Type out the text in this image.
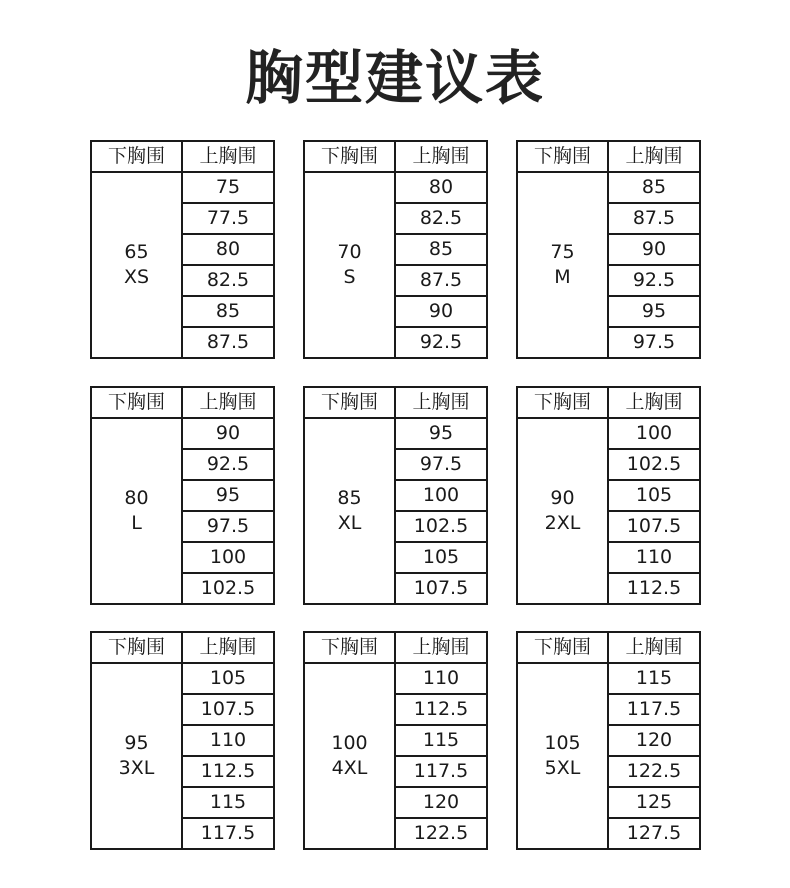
胸型建议表
下胸围	上胸围

65
XS	75
	77.5
	80
	82.5
	85
	87.5
下胸围	上胸围

70
S	80
	82.5
	85
	87.5
	90
	92.5
下胸围	上胸围

75
M	85
	87.5
	90
	92.5
	95
	97.5
下胸围	上胸围

80
L	90
	92.5
	95
	97.5
	100
	102.5
下胸围	上胸围

85
XL	95
	97.5
	100
	102.5
	105
	107.5
下胸围	上胸围

90
2XL	100
	102.5
	105
	107.5
	110
	112.5
下胸围	上胸围

95
3XL	105
	107.5
	110
	112.5
	115
	117.5
下胸围	上胸围

100
4XL	110
	112.5
	115
	117.5
	120
	122.5
下胸围	上胸围

105
5XL	115
	117.5
	120
	122.5
	125
	127.5
